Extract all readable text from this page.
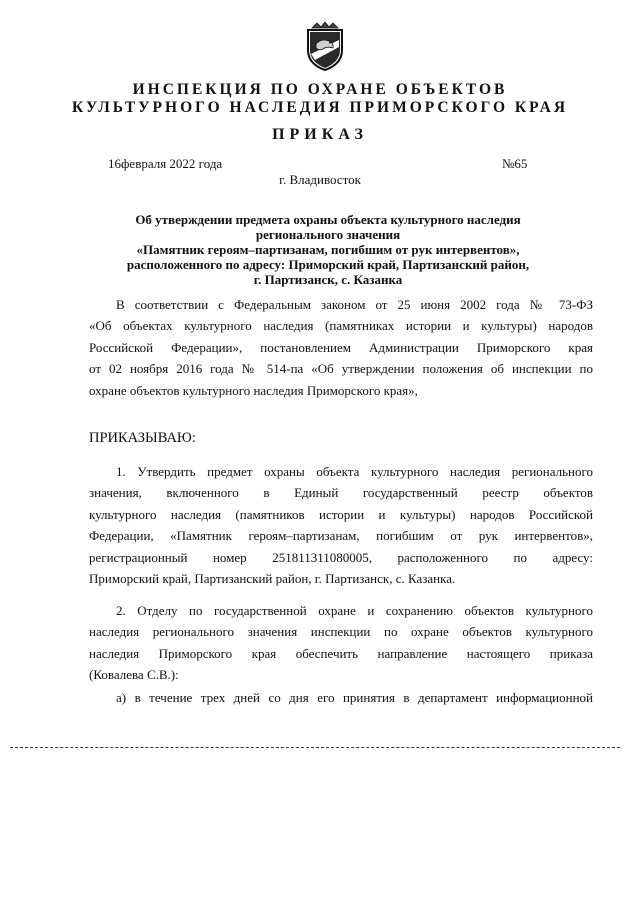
ИНСПЕКЦИЯ ПО ОХРАНЕ ОБЪЕКТОВ
КУЛЬТУРНОГО НАСЛЕДИЯ ПРИМОРСКОГО КРАЯ
ПРИКАЗ
16февраля 2022 года	№65
г. Владивосток
Об утверждении предмета охраны объекта культурного наследия
регионального значения
«Памятник героям–партизанам, погибшим от рук интервентов»,
расположенного по адресу: Приморский край, Партизанский район,
г. Партизанск, с. Казанка
В соответствии с Федеральным законом от 25 июня 2002 года № 73-ФЗ
«Об объектах культурного наследия (памятниках истории и культуры) народов
Российской Федерации», постановлением Администрации Приморского края
от 02 ноября 2016 года № 514-па «Об утверждении положения об инспекции по
охране объектов культурного наследия Приморского края»,
ПРИКАЗЫВАЮ:
1. Утвердить предмет охраны объекта культурного наследия регионального
значения, включенного в Единый государственный реестр объектов
культурного наследия (памятников истории и культуры) народов Российской
Федерации, «Памятник героям–партизанам, погибшим от рук интервентов»,
регистрационный номер 251811311080005, расположенного по адресу:
Приморский край, Партизанский район, г. Партизанск, с. Казанка.
2. Отделу по государственной охране и сохранению объектов культурного
наследия регионального значения инспекции по охране объектов культурного
наследия Приморского края обеспечить направление настоящего приказа
(Ковалева С.В.):
а) в течение трех дней со дня его принятия в департамент информационной
